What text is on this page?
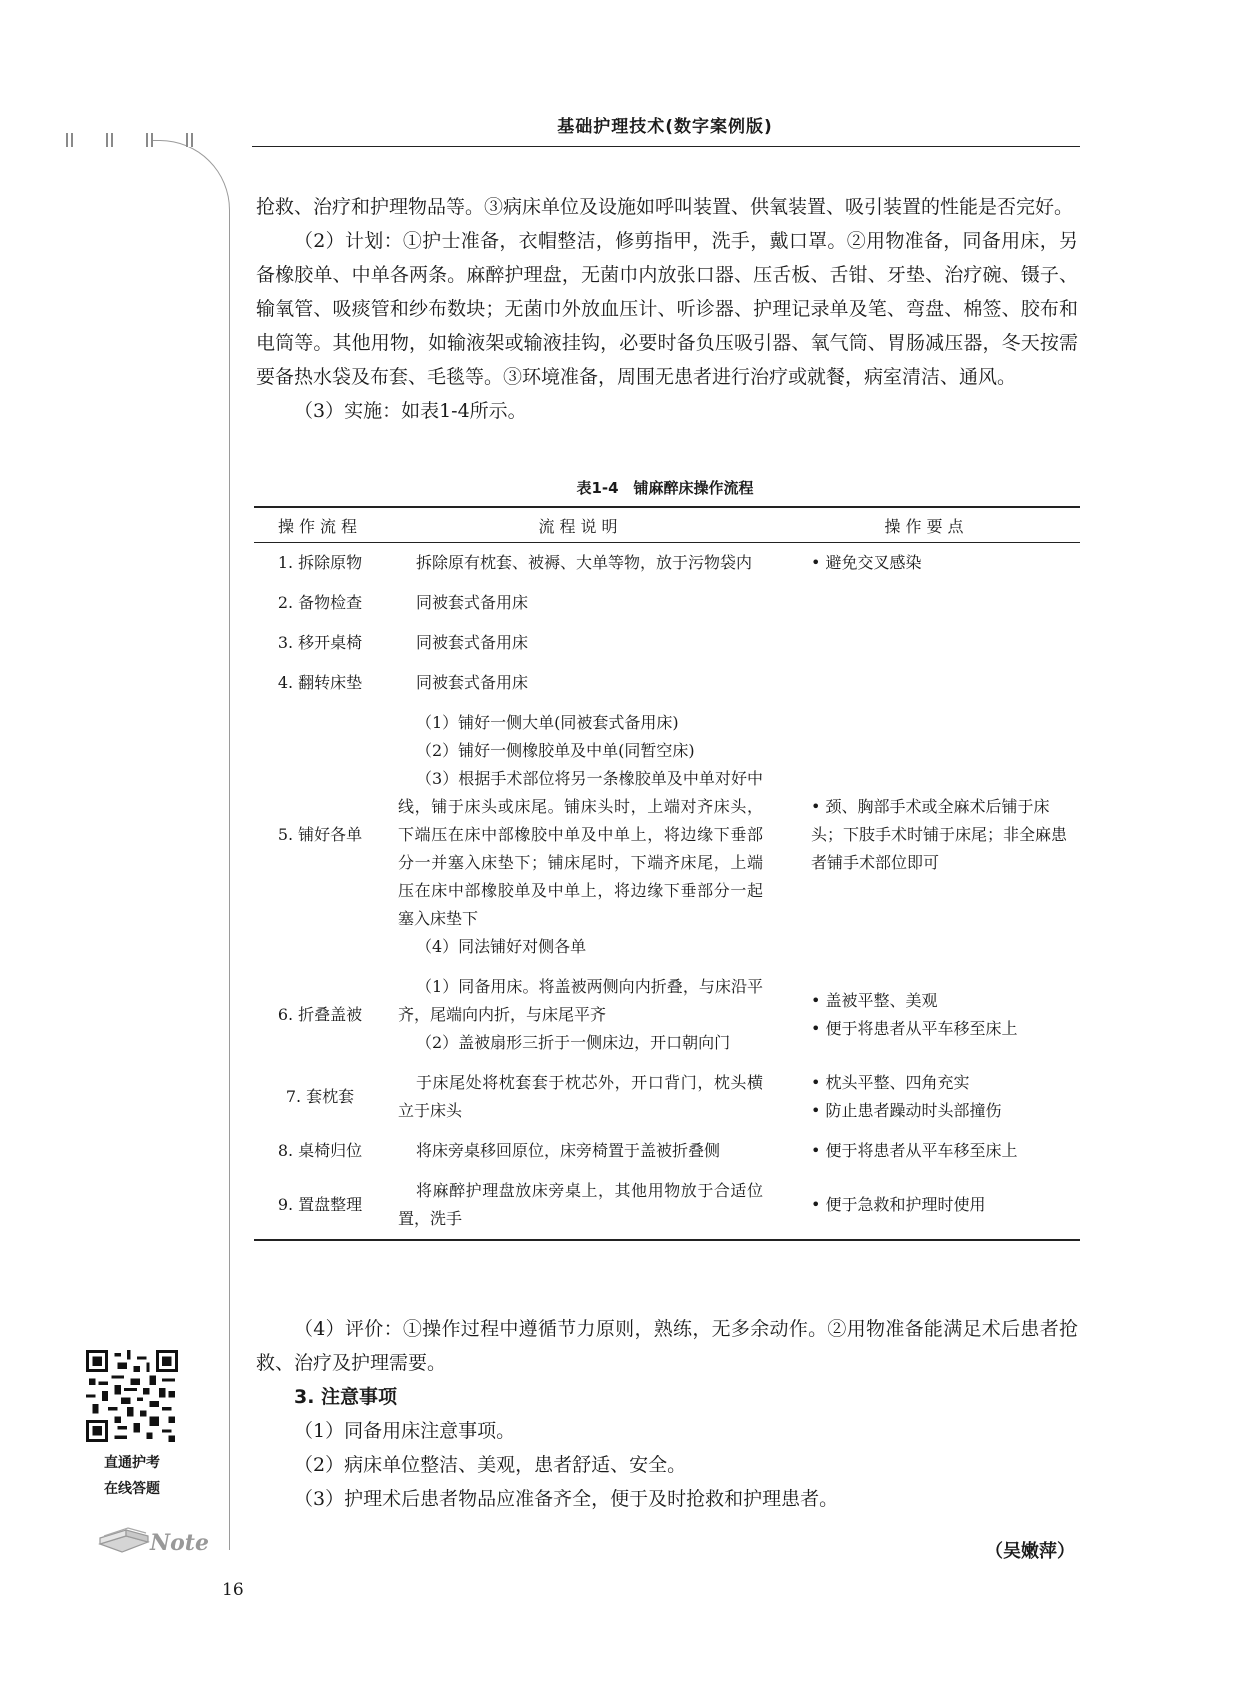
基础护理技术(数字案例版)

抢救、治疗和护理物品等。③病床单位及设施如呼叫装置、供氧装置、吸引装置的性能是否完好。

（2）计划：①护士准备，衣帽整洁，修剪指甲，洗手，戴口罩。②用物准备，同备用床，另备橡胶单、中单各两条。麻醉护理盘，无菌巾内放张口器、压舌板、舌钳、牙垫、治疗碗、镊子、输氧管、吸痰管和纱布数块；无菌巾外放血压计、听诊器、护理记录单及笔、弯盘、棉签、胶布和电筒等。其他用物，如输液架或输液挂钩，必要时备负压吸引器、氧气筒、胃肠减压器，冬天按需要备热水袋及布套、毛毯等。③环境准备，周围无患者进行治疗或就餐，病室清洁、通风。

（3）实施：如表1-4所示。

表1-4　铺麻醉床操作流程
操作流程	流程说明	操作要点
1. 拆除原物	拆除原有枕套、被褥、大单等物，放于污物袋内	• 避免交叉感染

2. 备物检查	同被套式备用床	

3. 移开桌椅	同被套式备用床	

4. 翻转床垫	同被套式备用床	

5. 铺好各单	（1）铺好一侧大单(同被套式备用床)
（2）铺好一侧橡胶单及中单(同暂空床)
（3）根据手术部位将另一条橡胶单及中单对好中线，铺于床头或床尾。铺床头时，上端对齐床头，下端压在床中部橡胶中单及中单上，将边缘下垂部分一并塞入床垫下；铺床尾时，下端齐床尾，上端压在床中部橡胶单及中单上，将边缘下垂部分一起塞入床垫下
（4）同法铺好对侧各单	• 颈、胸部手术或全麻术后铺于床头；下肢手术时铺于床尾；非全麻患者铺手术部位即可

6. 折叠盖被	（1）同备用床。将盖被两侧向内折叠，与床沿平齐，尾端向内折，与床尾平齐
（2）盖被扇形三折于一侧床边，开口朝向门	• 盖被平整、美观
• 便于将患者从平车移至床上

7. 套枕套	于床尾处将枕套套于枕芯外，开口背门，枕头横立于床头	• 枕头平整、四角充实
• 防止患者躁动时头部撞伤

8. 桌椅归位	将床旁桌移回原位，床旁椅置于盖被折叠侧	• 便于将患者从平车移至床上

9. 置盘整理	将麻醉护理盘放床旁桌上，其他用物放于合适位置，洗手	• 便于急救和护理时使用

（4）评价：①操作过程中遵循节力原则，熟练，无多余动作。②用物准备能满足术后患者抢救、治疗及护理需要。

3. 注意事项

（1）同备用床注意事项。

（2）病床单位整洁、美观，患者舒适、安全。

（3）护理术后患者物品应准备齐全，便于及时抢救和护理患者。

直通护考
在线答题
Note	（吴嫩萍）
16
